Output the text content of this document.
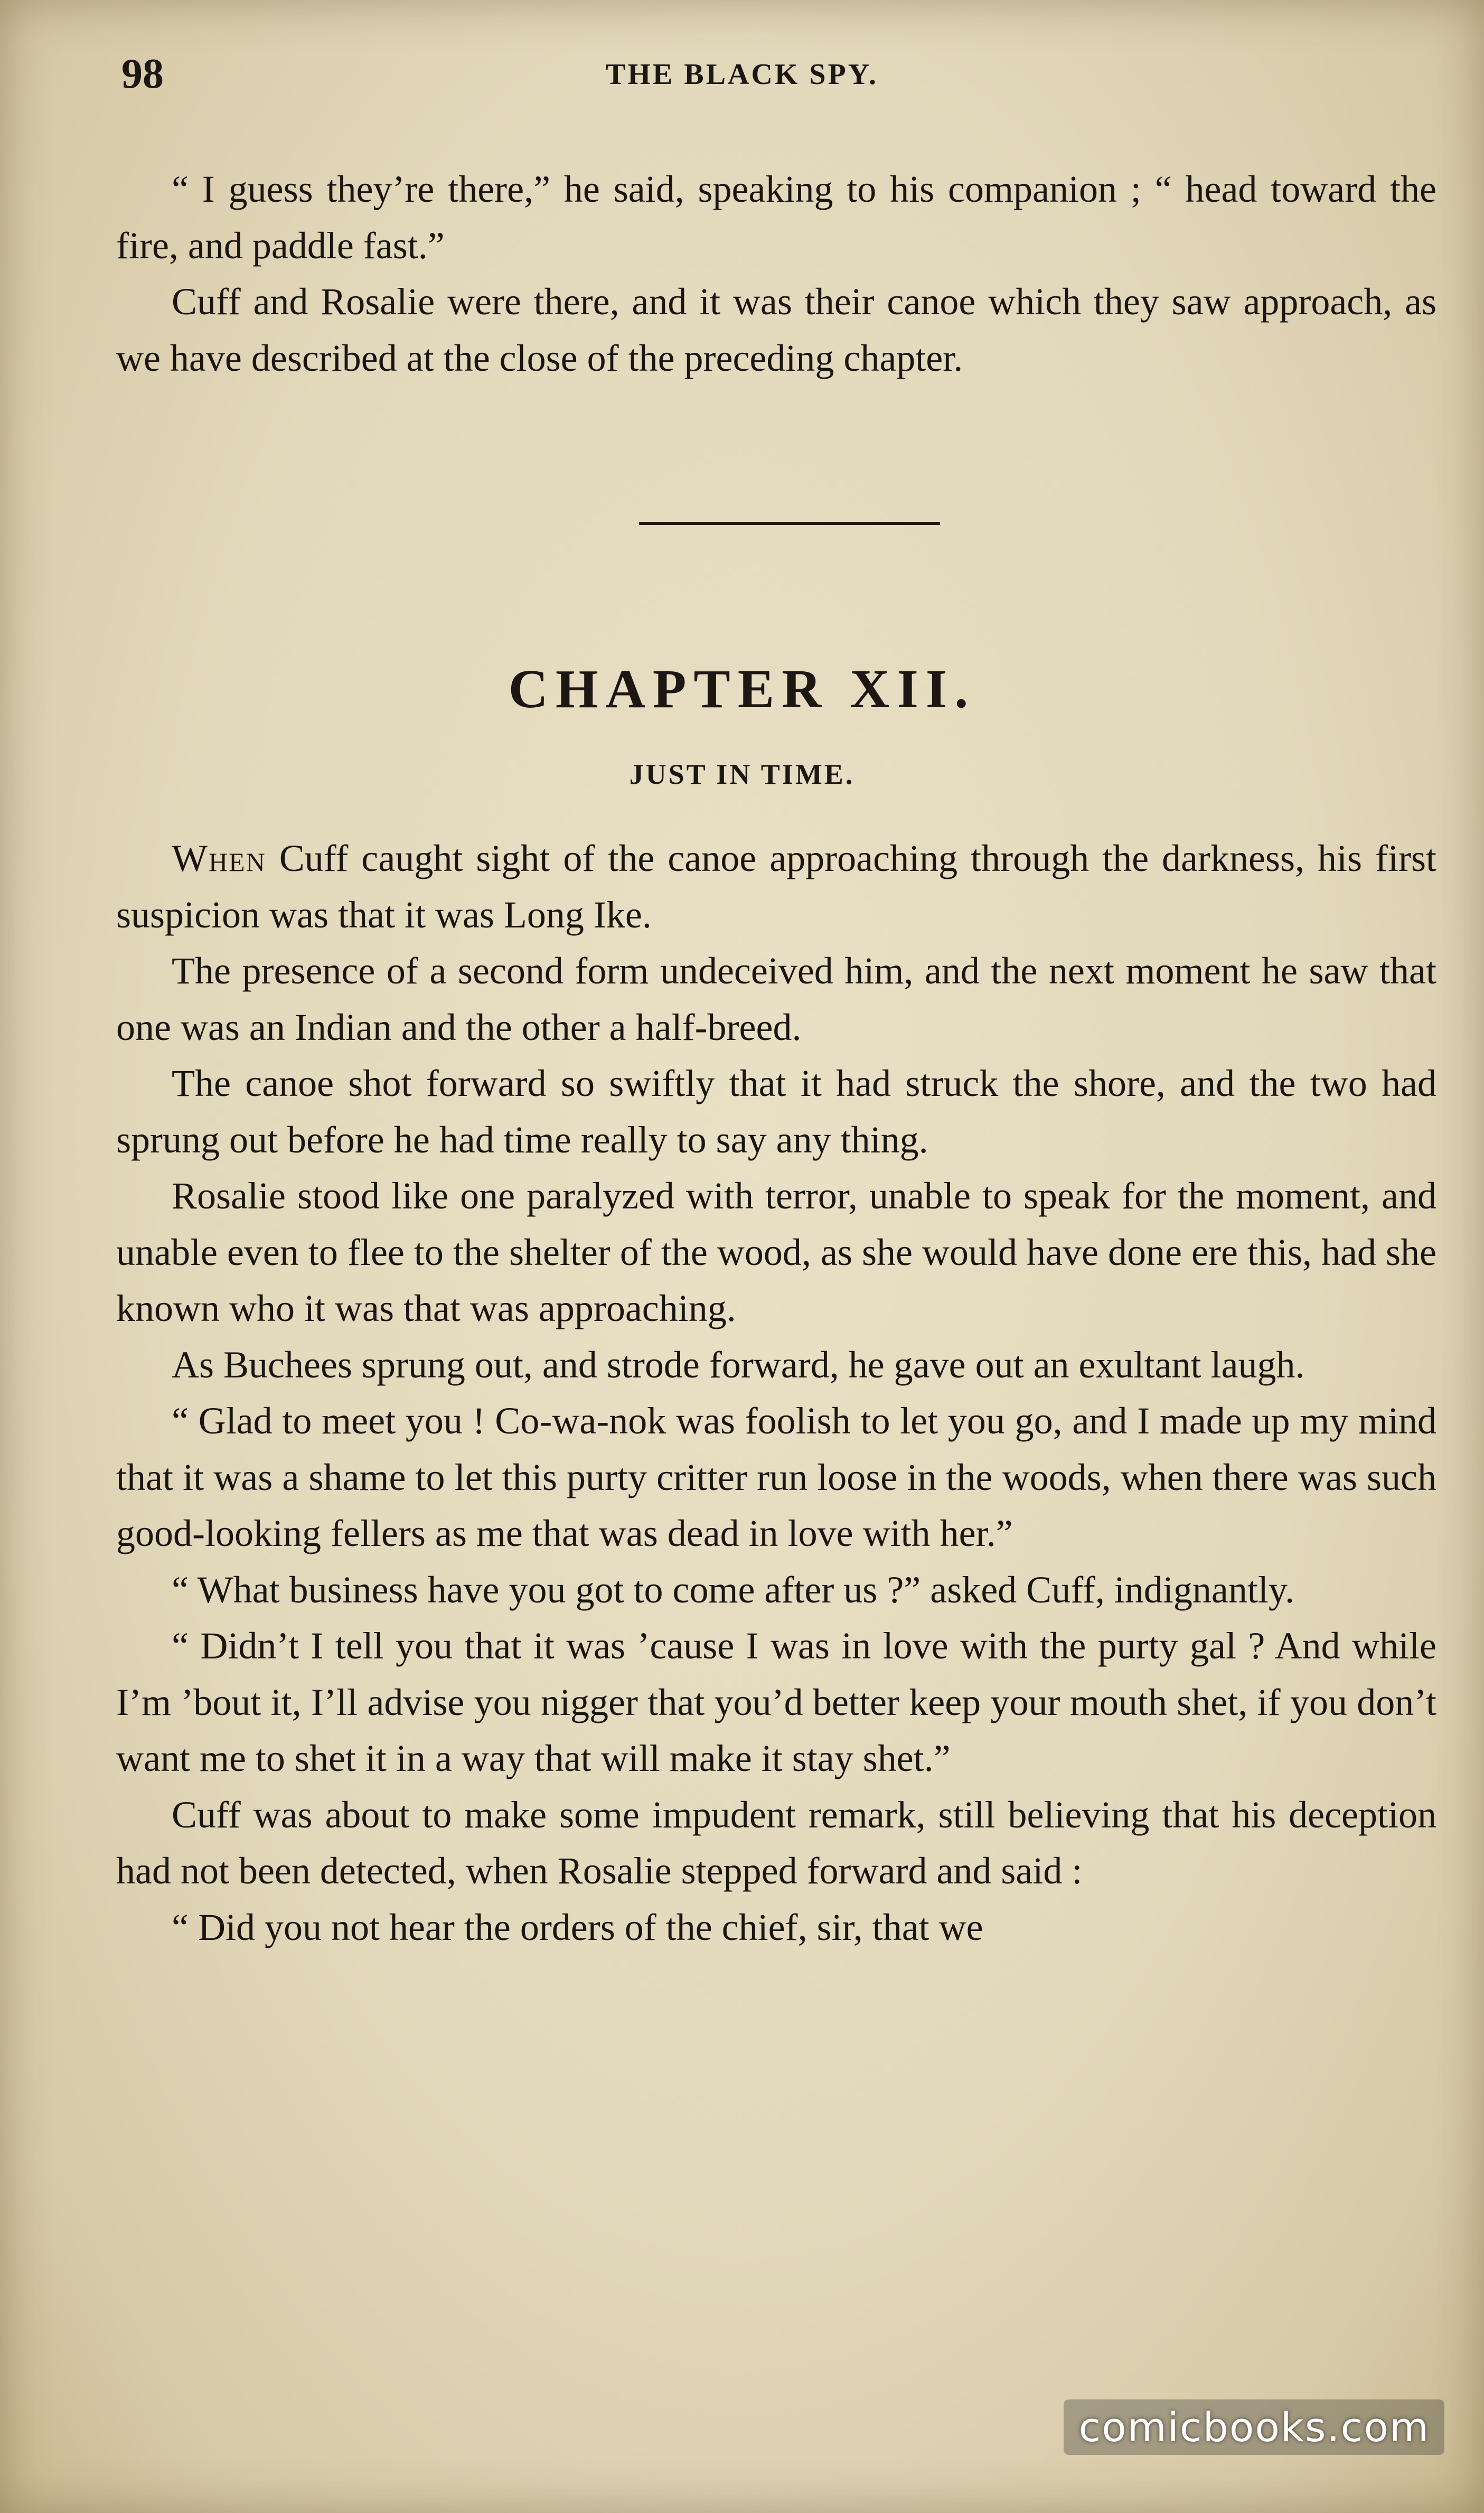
98	THE BLACK SPY.

“ I guess they’re there,” he said, speaking to his companion ; “ head toward the fire, and paddle fast.”

Cuff and Rosalie were there, and it was their canoe which they saw approach, as we have described at the close of the preceding chapter.

CHAPTER XII.
JUST IN TIME.

When Cuff caught sight of the canoe approaching through the darkness, his first suspicion was that it was Long Ike.

The presence of a second form undeceived him, and the next moment he saw that one was an Indian and the other a half-breed.

The canoe shot forward so swiftly that it had struck the shore, and the two had sprung out before he had time really to say any thing.

Rosalie stood like one paralyzed with terror, unable to speak for the moment, and unable even to flee to the shelter of the wood, as she would have done ere this, had she known who it was that was approaching.

As Buchees sprung out, and strode forward, he gave out an exultant laugh.

“ Glad to meet you ! Co-wa-nok was foolish to let you go, and I made up my mind that it was a shame to let this purty critter run loose in the woods, when there was such good-looking fellers as me that was dead in love with her.”

“ What business have you got to come after us ?” asked Cuff, indignantly.

“ Didn’t I tell you that it was ’cause I was in love with the purty gal ? And while I’m ’bout it, I’ll advise you nigger that you’d better keep your mouth shet, if you don’t want me to shet it in a way that will make it stay shet.”

Cuff was about to make some impudent remark, still believing that his deception had not been detected, when Rosalie stepped forward and said :

“ Did you not hear the orders of the chief, sir, that we

comicbooks.com
